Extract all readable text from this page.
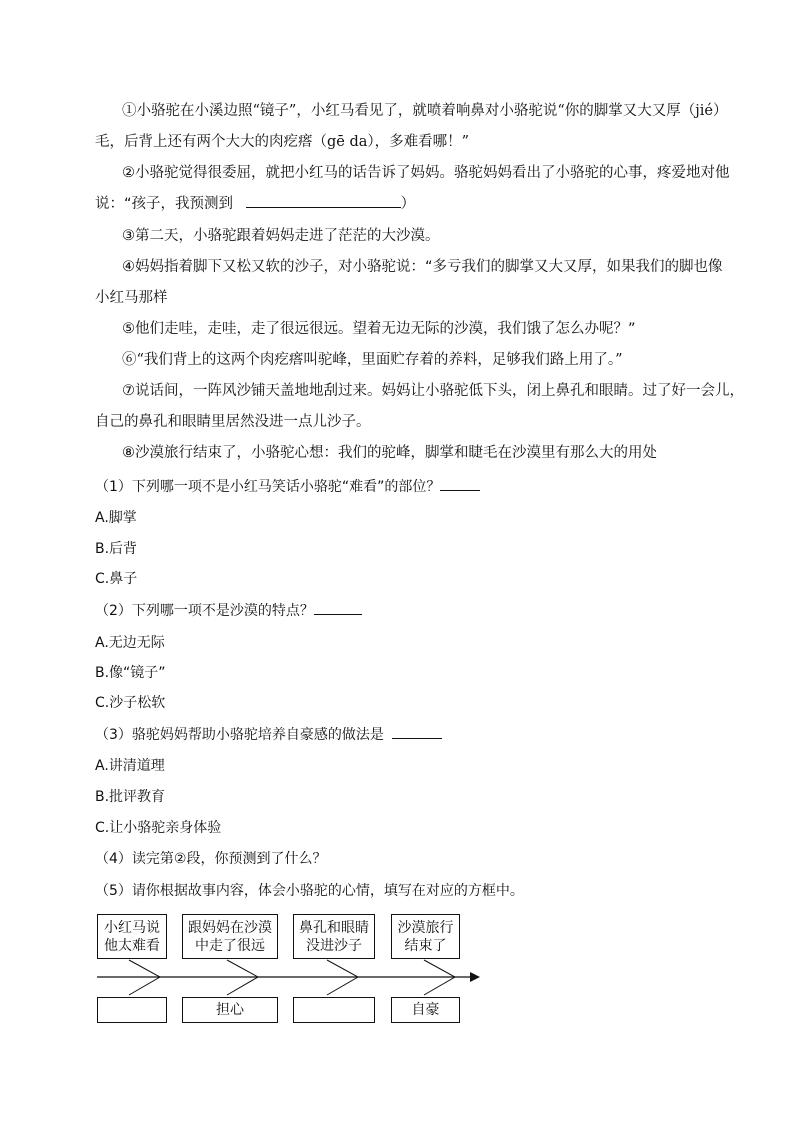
①小骆驼在小溪边照“镜子”，小红马看见了，就喷着响鼻对小骆驼说“你的脚掌又大又厚（jié）
毛，后背上还有两个大大的肉疙瘩（gē da），多难看哪！”
②小骆驼觉得很委屈，就把小红马的话告诉了妈妈。骆驼妈妈看出了小骆驼的心事，疼爱地对他
说：“孩子，我预测到	）
③第二天，小骆驼跟着妈妈走进了茫茫的大沙漠。
④妈妈指着脚下又松又软的沙子，对小骆驼说：“多亏我们的脚掌又大又厚，如果我们的脚也像
小红马那样
⑤他们走哇，走哇，走了很远很远。望着无边无际的沙漠，我们饿了怎么办呢？”
⑥“我们背上的这两个肉疙瘩叫驼峰，里面贮存着的养料，足够我们路上用了。”
⑦说话间，一阵风沙铺天盖地地刮过来。妈妈让小骆驼低下头，闭上鼻孔和眼睛。过了好一会儿，
自己的鼻孔和眼睛里居然没进一点儿沙子。
⑧沙漠旅行结束了，小骆驼心想：我们的驼峰，脚掌和睫毛在沙漠里有那么大的用处
（1）下列哪一项不是小红马笑话小骆驼“难看”的部位？
A.脚掌
B.后背
C.鼻子
（2）下列哪一项不是沙漠的特点？
A.无边无际
B.像“镜子”
C.沙子松软
（3）骆驼妈妈帮助小骆驼培养自豪感的做法是
A.讲清道理
B.批评教育
C.让小骆驼亲身体验
（4）读完第②段，你预测到了什么？
（5）请你根据故事内容，体会小骆驼的心情，填写在对应的方框中。
小红马说
他太难看
跟妈妈在沙漠
中走了很远
鼻孔和眼睛
没进沙子
沙漠旅行
结束了
担心	自豪
